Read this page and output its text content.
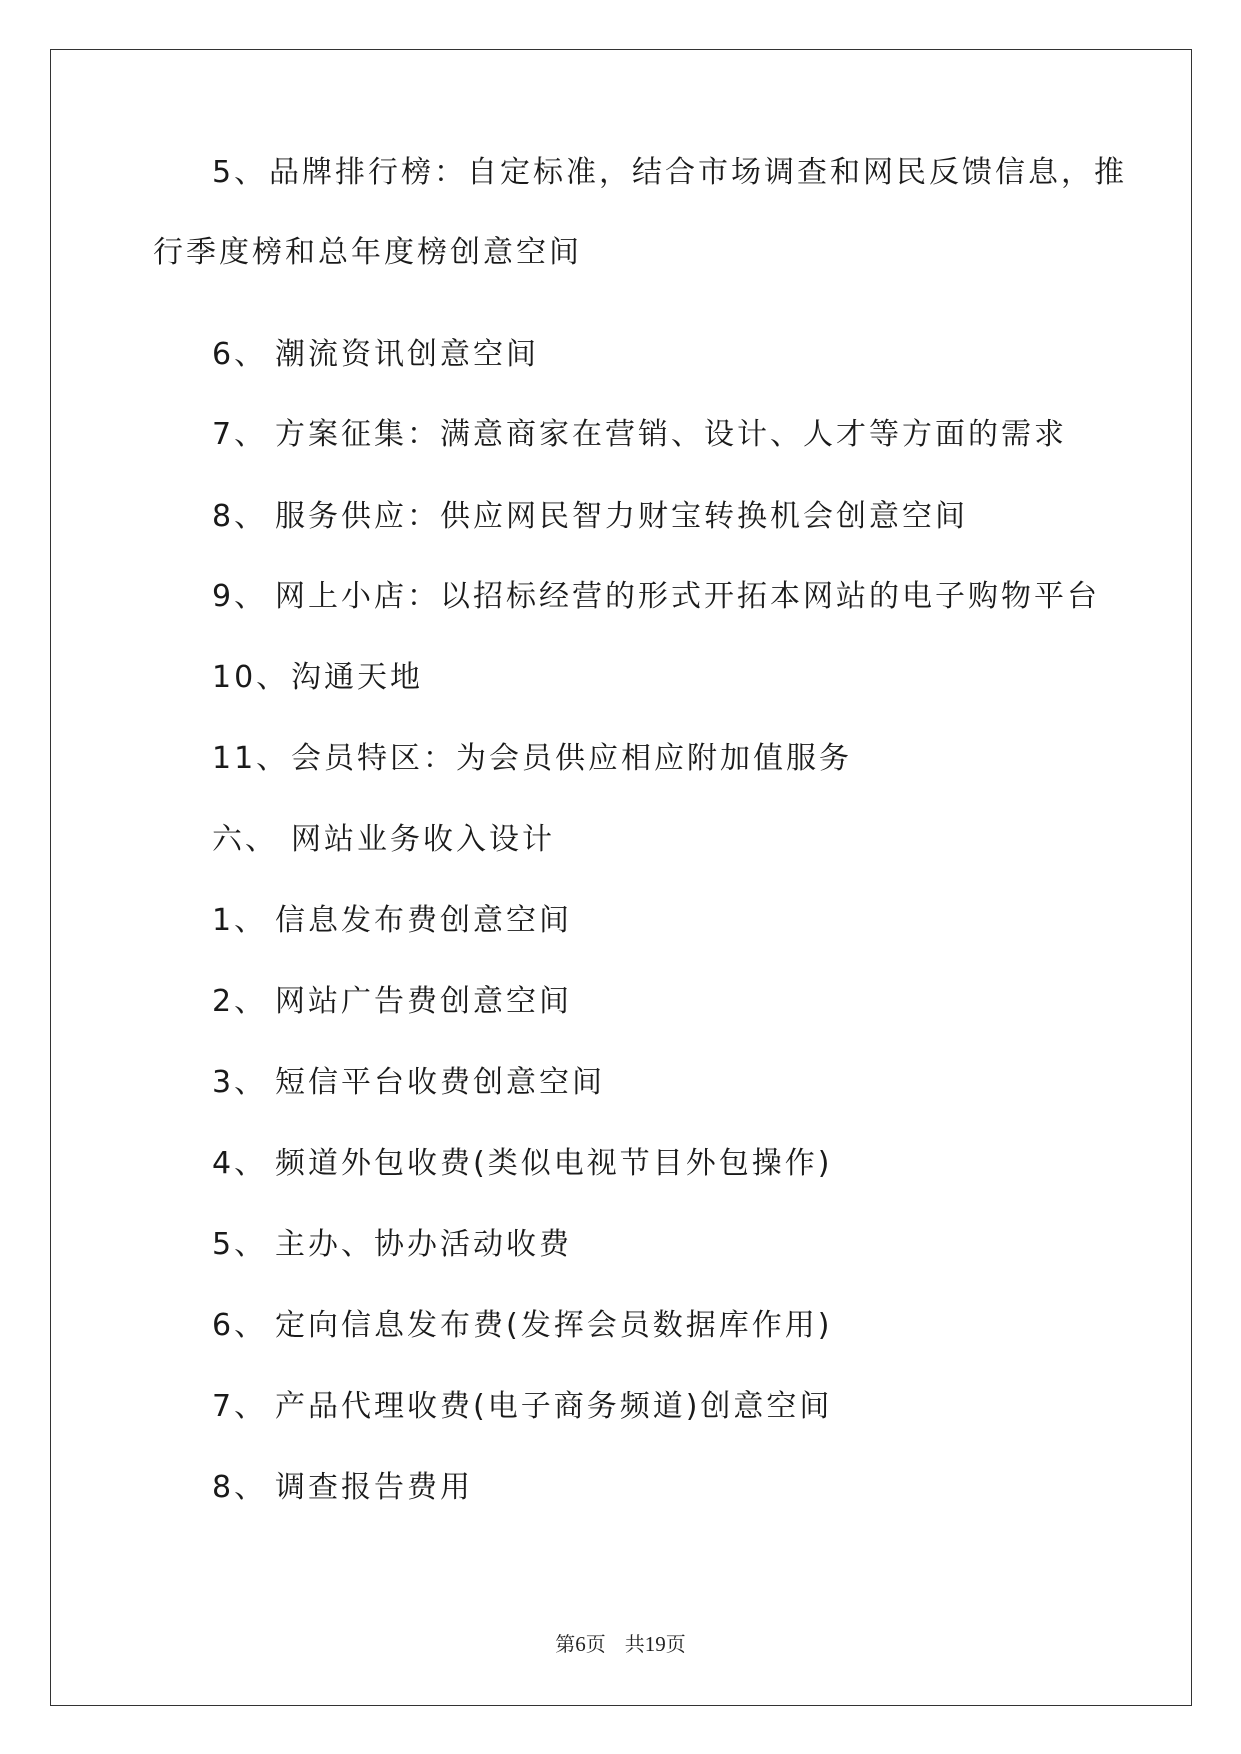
5、品牌排行榜：自定标准，结合市场调查和网民反馈信息，推
行季度榜和总年度榜创意空间
6、 潮流资讯创意空间
7、 方案征集：满意商家在营销、设计、人才等方面的需求
8、 服务供应：供应网民智力财宝转换机会创意空间
9、 网上小店：以招标经营的形式开拓本网站的电子购物平台
10、沟通天地
11、会员特区：为会员供应相应附加值服务
六、 网站业务收入设计
1、 信息发布费创意空间
2、 网站广告费创意空间
3、 短信平台收费创意空间
4、 频道外包收费(类似电视节目外包操作)
5、 主办、协办活动收费
6、 定向信息发布费(发挥会员数据库作用)
7、 产品代理收费(电子商务频道)创意空间
8、 调查报告费用
第6页 共19页
